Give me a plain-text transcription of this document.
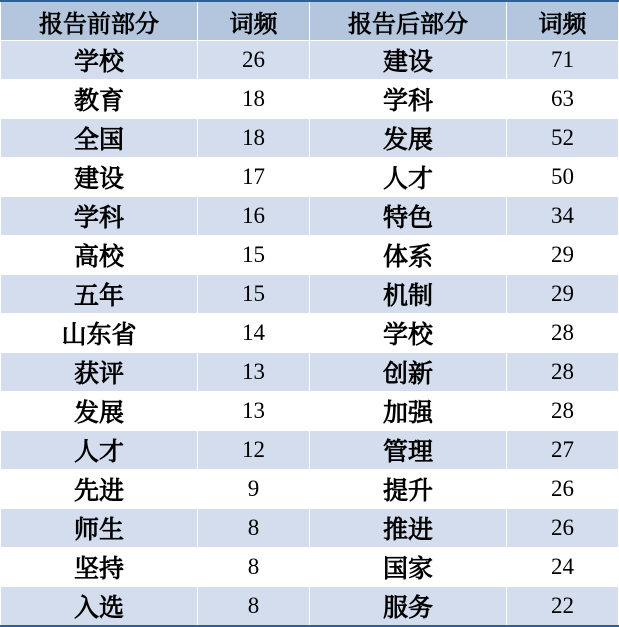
报告前部分	词频	报告后部分	词频
学校	26	建设	71
教育	18	学科	63
全国	18	发展	52
建设	17	人才	50
学科	16	特色	34
高校	15	体系	29
五年	15	机制	29
山东省	14	学校	28
获评	13	创新	28
发展	13	加强	28
人才	12	管理	27
先进	9	提升	26
师生	8	推进	26
坚持	8	国家	24
入选	8	服务	22
